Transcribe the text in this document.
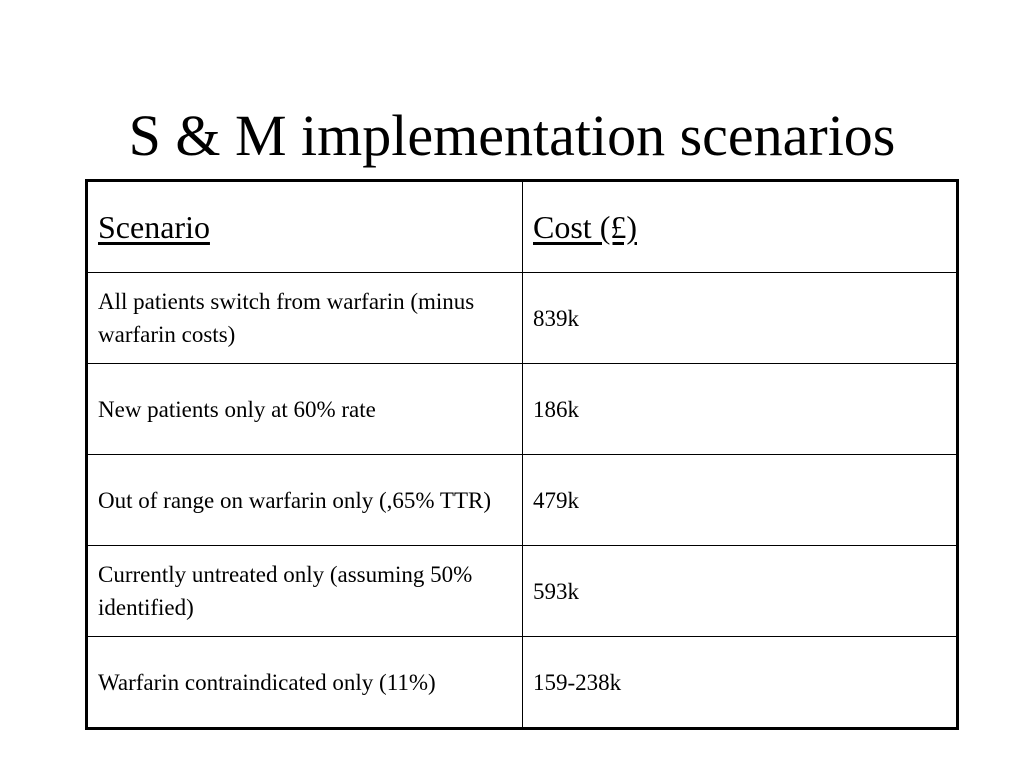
S & M implementation scenarios
Scenario	Cost (£)
All patients switch from warfarin (minus warfarin costs)	839k
New patients only at 60% rate	186k
Out of range on warfarin only (,65% TTR)	479k
Currently untreated only (assuming 50% identified)	593k
Warfarin contraindicated only (11%)	159-238k
